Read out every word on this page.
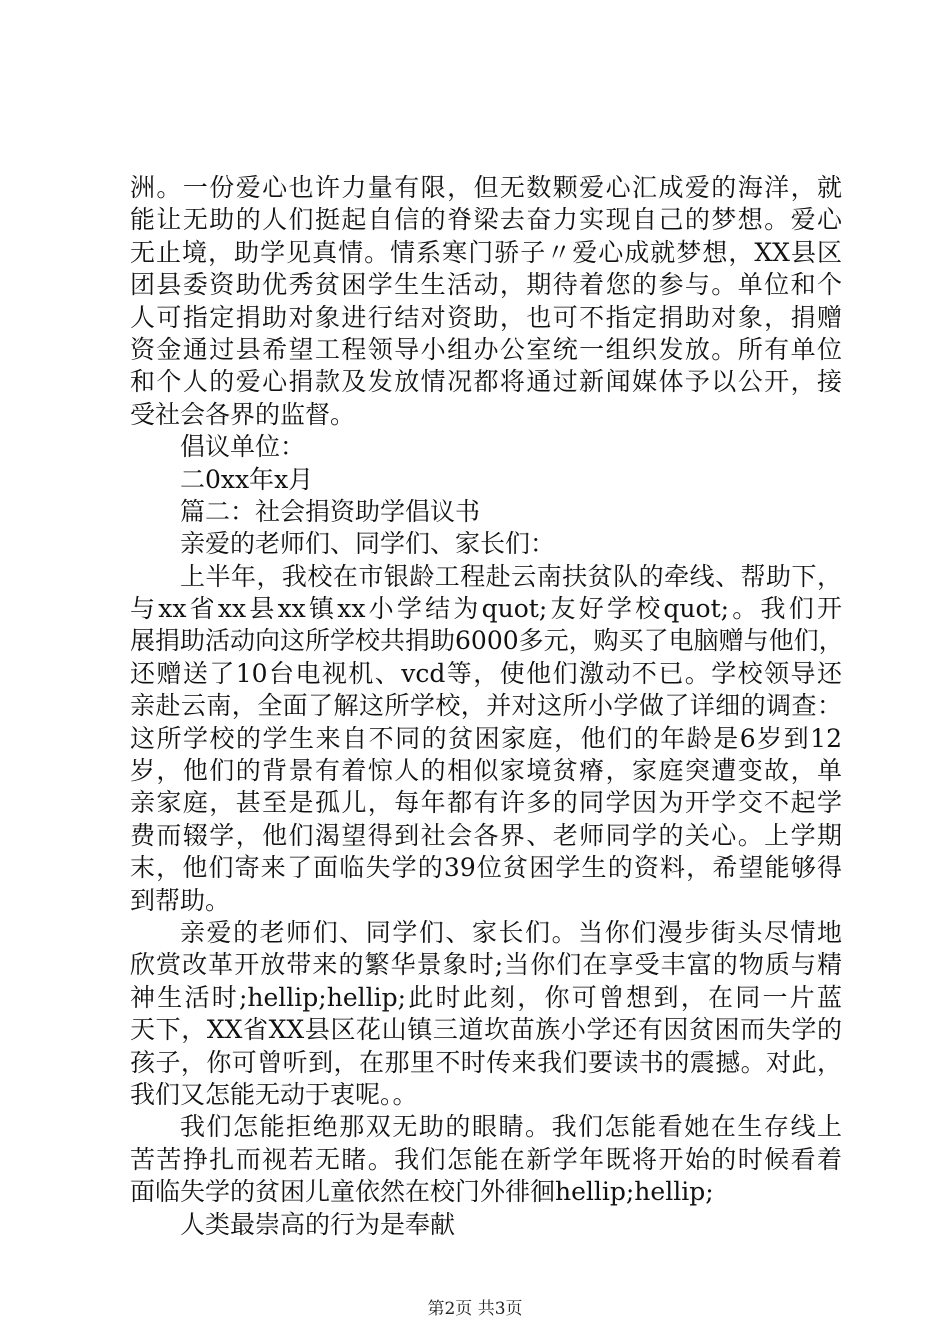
洲。一份爱心也许力量有限，但无数颗爱心汇成爱的海洋，就
能让无助的人们挺起自信的脊梁去奋力实现自己的梦想。爱心
无止境，助学见真情。情系寒门骄子〃爱心成就梦想，XX县区
团县委资助优秀贫困学生生活动，期待着您的参与。单位和个
人可指定捐助对象进行结对资助，也可不指定捐助对象，捐赠
资金通过县希望工程领导小组办公室统一组织发放。所有单位
和个人的爱心捐款及发放情况都将通过新闻媒体予以公开，接
受社会各界的监督。
倡议单位：
二0xx年x月
篇二：社会捐资助学倡议书
亲爱的老师们、同学们、家长们：
上半年，我校在市银龄工程赴云南扶贫队的牵线、帮助下，
与xx省xx县xx镇xx小学结为quot;友好学校quot;。我们开
展捐助活动向这所学校共捐助6000多元，购买了电脑赠与他们，
还赠送了10台电视机、vcd等，使他们激动不已。学校领导还
亲赴云南，全面了解这所学校，并对这所小学做了详细的调查：
这所学校的学生来自不同的贫困家庭，他们的年龄是6岁到12
岁，他们的背景有着惊人的相似家境贫瘠，家庭突遭变故，单
亲家庭，甚至是孤儿，每年都有许多的同学因为开学交不起学
费而辍学，他们渴望得到社会各界、老师同学的关心。上学期
末，他们寄来了面临失学的39位贫困学生的资料，希望能够得
到帮助。
亲爱的老师们、同学们、家长们。当你们漫步街头尽情地
欣赏改革开放带来的繁华景象时;当你们在享受丰富的物质与精
神生活时;hellip;hellip;此时此刻，你可曾想到，在同一片蓝
天下，XX省XX县区花山镇三道坎苗族小学还有因贫困而失学的
孩子，你可曾听到，在那里不时传来我们要读书的震撼。对此，
我们又怎能无动于衷呢。。
我们怎能拒绝那双无助的眼睛。我们怎能看她在生存线上
苦苦挣扎而视若无睹。我们怎能在新学年既将开始的时候看着
面临失学的贫困儿童依然在校门外徘徊hellip;hellip;
人类最崇高的行为是奉献
第2页 共3页
